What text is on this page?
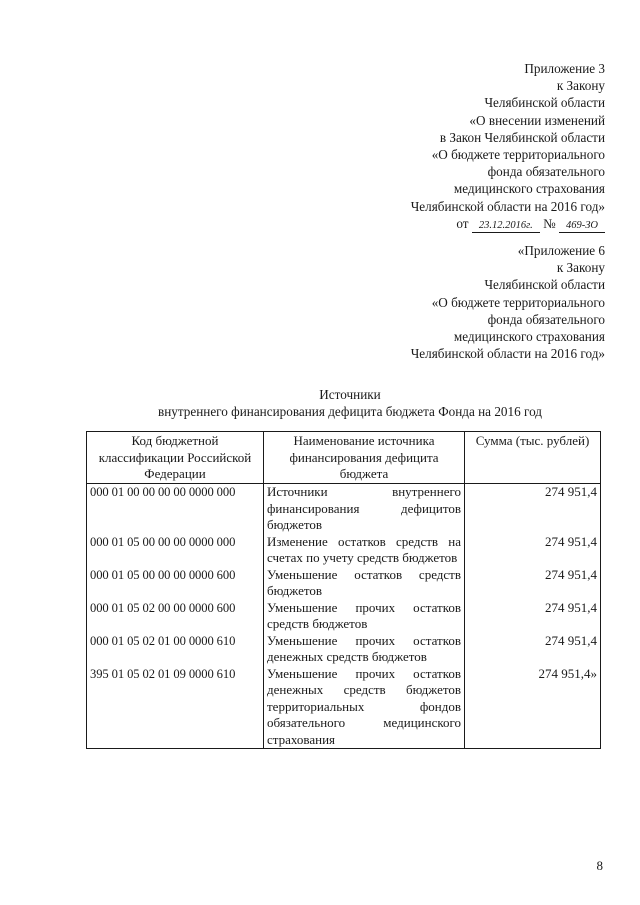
Приложение 3
к Закону
Челябинской области
«О внесении изменений
в Закон Челябинской области
«О бюджете территориального
фонда обязательного
медицинского страхования
Челябинской области на 2016 год»
от 23.12.2016г. № 469-ЗО
«Приложение 6
к Закону
Челябинской области
«О бюджете территориального
фонда обязательного
медицинского страхования
Челябинской области на 2016 год»
Источники
внутреннего финансирования дефицита бюджета Фонда на 2016 год
Код бюджетной классификации Российской Федерации	Наименование источника финансирования дефицита бюджета	Сумма (тыс. рублей)
000 01 00 00 00 00 0000 000	Источники внутреннего финансирования дефицитов бюджетов	274 951,4
000 01 05 00 00 00 0000 000	Изменение остатков средств на счетах по учету средств бюджетов	274 951,4
000 01 05 00 00 00 0000 600	Уменьшение остатков средств бюджетов	274 951,4
000 01 05 02 00 00 0000 600	Уменьшение прочих остатков средств бюджетов	274 951,4
000 01 05 02 01 00 0000 610	Уменьшение прочих остатков денежных средств бюджетов	274 951,4
395 01 05 02 01 09 0000 610	Уменьшение прочих остатков денежных средств бюджетов территориальных фондов обязательного медицинского страхования	274 951,4»
8
